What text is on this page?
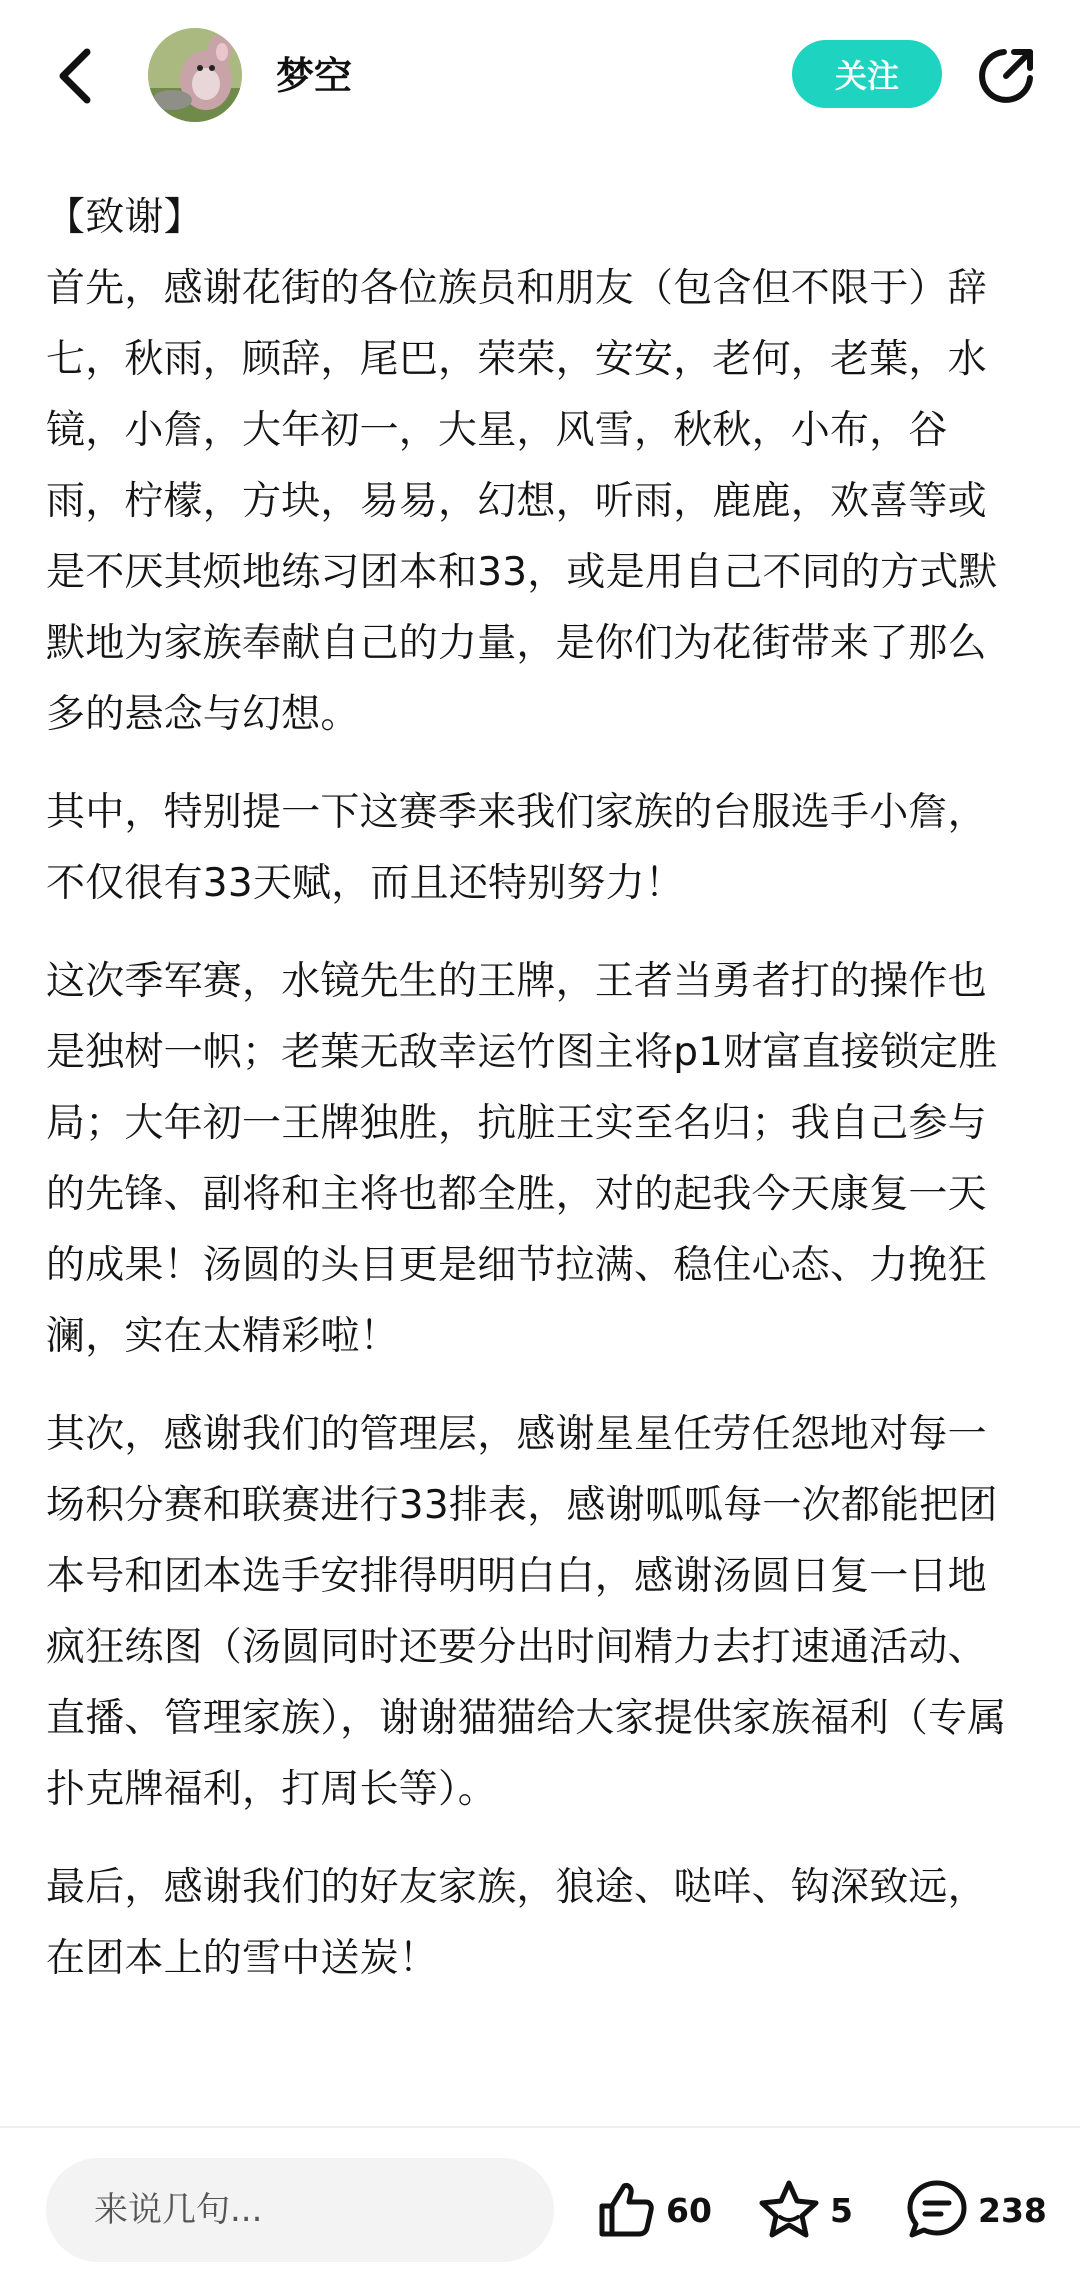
梦空	关注

【致谢】

首先，感谢花街的各位族员和朋友（包含但不限于）辞七，秋雨，顾辞，尾巴，荣荣，安安，老何，老葉，水镜，小詹，大年初一，大星，风雪，秋秋，小布，谷雨，柠檬，方块，易易，幻想，听雨，鹿鹿，欢喜等或是不厌其烦地练习团本和33，或是用自己不同的方式默默地为家族奉献自己的力量，是你们为花街带来了那么多的悬念与幻想。

其中，特别提一下这赛季来我们家族的台服选手小詹，不仅很有33天赋，而且还特别努力！

这次季军赛，水镜先生的王牌，王者当勇者打的操作也是独树一帜；老葉无敌幸运竹图主将p1财富直接锁定胜局；大年初一王牌独胜，抗脏王实至名归；我自己参与的先锋、副将和主将也都全胜，对的起我今天康复一天的成果！汤圆的头目更是细节拉满、稳住心态、力挽狂澜，实在太精彩啦！

其次，感谢我们的管理层，感谢星星任劳任怨地对每一场积分赛和联赛进行33排表，感谢呱呱每一次都能把团本号和团本选手安排得明明白白，感谢汤圆日复一日地疯狂练图（汤圆同时还要分出时间精力去打速通活动、直播、管理家族），谢谢猫猫给大家提供家族福利（专属扑克牌福利，打周长等）。

最后，感谢我们的好友家族，狼途、哒咩、钩深致远，在团本上的雪中送炭！

来说几句...
60	5	238
